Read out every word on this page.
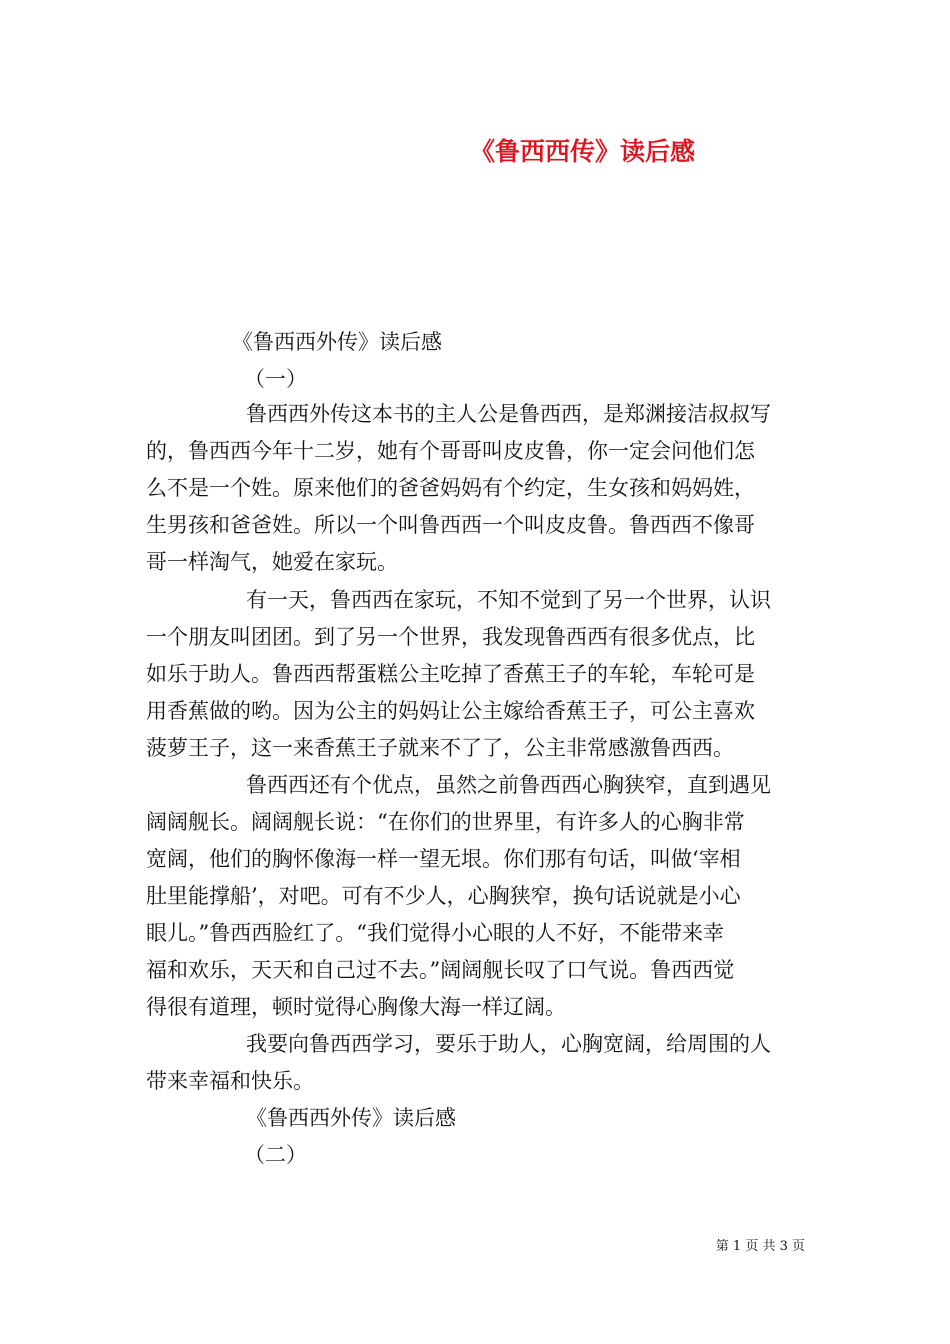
《鲁西西传》读后感
《鲁西西外传》读后感
（一）
鲁西西外传这本书的主人公是鲁西西，是郑渊接洁叔叔写
的，鲁西西今年十二岁，她有个哥哥叫皮皮鲁，你一定会问他们怎
么不是一个姓。原来他们的爸爸妈妈有个约定，生女孩和妈妈姓，
生男孩和爸爸姓。所以一个叫鲁西西一个叫皮皮鲁。鲁西西不像哥
哥一样淘气，她爱在家玩。
有一天，鲁西西在家玩，不知不觉到了另一个世界，认识
一个朋友叫团团。到了另一个世界，我发现鲁西西有很多优点，比
如乐于助人。鲁西西帮蛋糕公主吃掉了香蕉王子的车轮，车轮可是
用香蕉做的哟。因为公主的妈妈让公主嫁给香蕉王子，可公主喜欢
菠萝王子，这一来香蕉王子就来不了了，公主非常感激鲁西西。
鲁西西还有个优点，虽然之前鲁西西心胸狭窄，直到遇见
阔阔舰长。阔阔舰长说：“在你们的世界里，有许多人的心胸非常
宽阔，他们的胸怀像海一样一望无垠。你们那有句话，叫做‘宰相
肚里能撑船’，对吧。可有不少人，心胸狭窄，换句话说就是小心
眼儿。”鲁西西脸红了。“我们觉得小心眼的人不好，不能带来幸
福和欢乐，天天和自己过不去。”阔阔舰长叹了口气说。鲁西西觉
得很有道理，顿时觉得心胸像大海一样辽阔。
我要向鲁西西学习，要乐于助人，心胸宽阔，给周围的人
带来幸福和快乐。
《鲁西西外传》读后感
（二）
第 1 页 共 3 页
